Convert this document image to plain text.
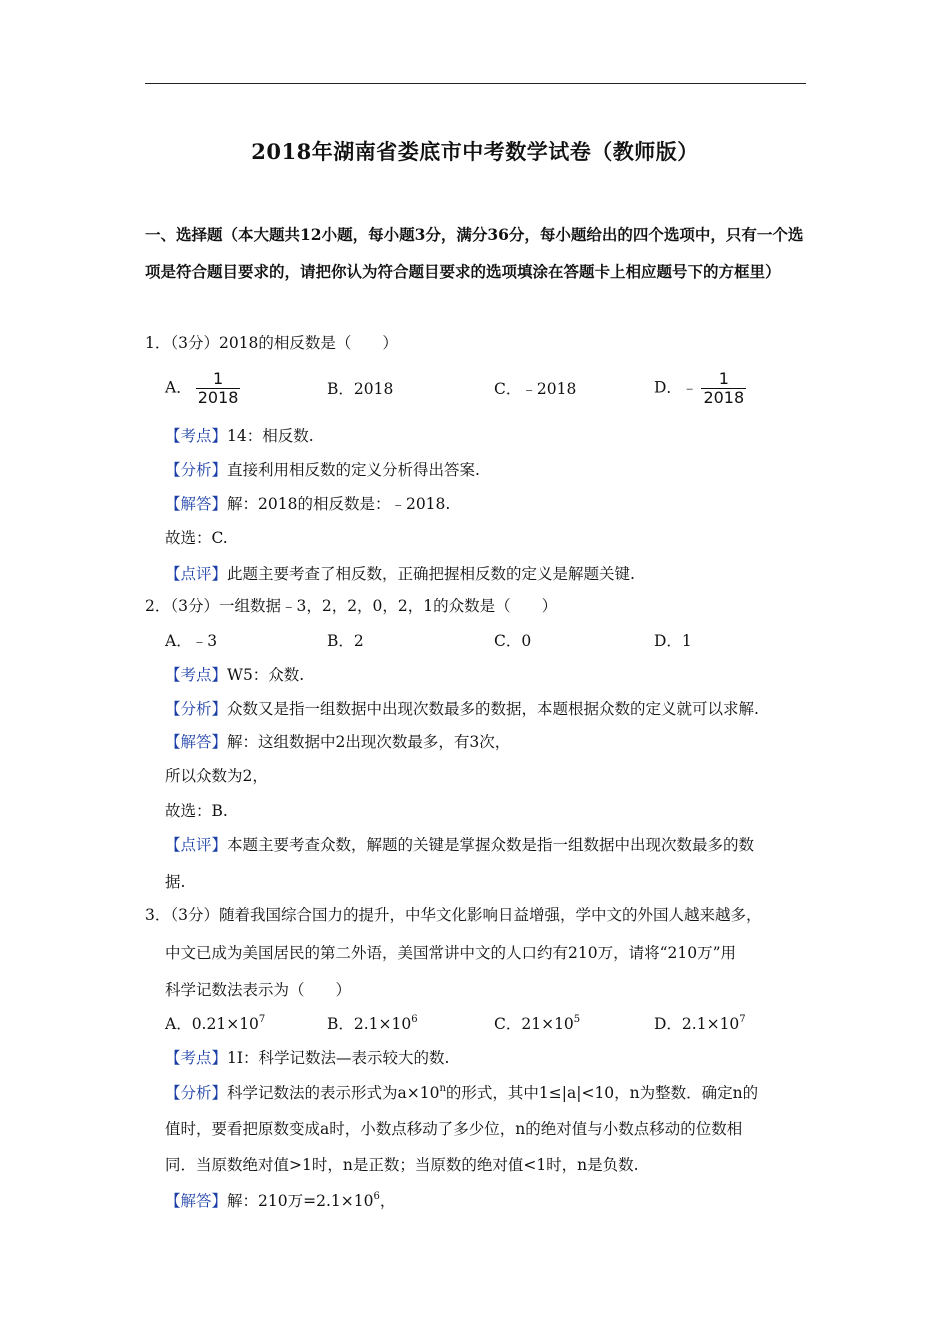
2018年湖南省娄底市中考数学试卷（教师版）
一、选择题（本大题共12小题，每小题3分，满分36分，每小题给出的四个选项中，只有一个选项是符合题目要求的，请把你认为符合题目要求的选项填涂在答题卡上相应题号下的方框里）
1．（3分）2018的相反数是（　　）
A． $\frac{1}{2018}$	B．2018	C．﹣2018	D．﹣ $\frac{1}{2018}$
【考点】14：相反数.
【分析】直接利用相反数的定义分析得出答案.
【解答】解：2018的相反数是：﹣2018.
故选：C.
【点评】此题主要考查了相反数，正确把握相反数的定义是解题关键.
2．（3分）一组数据﹣3，2，2，0，2，1的众数是（　　）
A．﹣3	B．2	C．0	D．1
【考点】W5：众数.
【分析】众数又是指一组数据中出现次数最多的数据，本题根据众数的定义就可以求解.
【解答】解：这组数据中2出现次数最多，有3次，
所以众数为2，
故选：B.
【点评】本题主要考查众数，解题的关键是掌握众数是指一组数据中出现次数最多的数
据.
3．（3分）随着我国综合国力的提升，中华文化影响日益增强，学中文的外国人越来越多，
中文已成为美国居民的第二外语，美国常讲中文的人口约有210万，请将“210万”用
科学记数法表示为（　　）
A．$0.21\times 10^7$	B．$2.1\times 10^6$	C．$21\times 10^5$	D．$2.1\times 10^7$
【考点】1I：科学记数法—表示较大的数.
【分析】科学记数法的表示形式为$a\times 10^n$的形式，其中1≤|a|<10，n为整数．确定n的
值时，要看把原数变成a时，小数点移动了多少位，n的绝对值与小数点移动的位数相
同．当原数绝对值>1时，n是正数；当原数的绝对值<1时，n是负数.
【解答】解：210万$=2.1\times 10^6$，
